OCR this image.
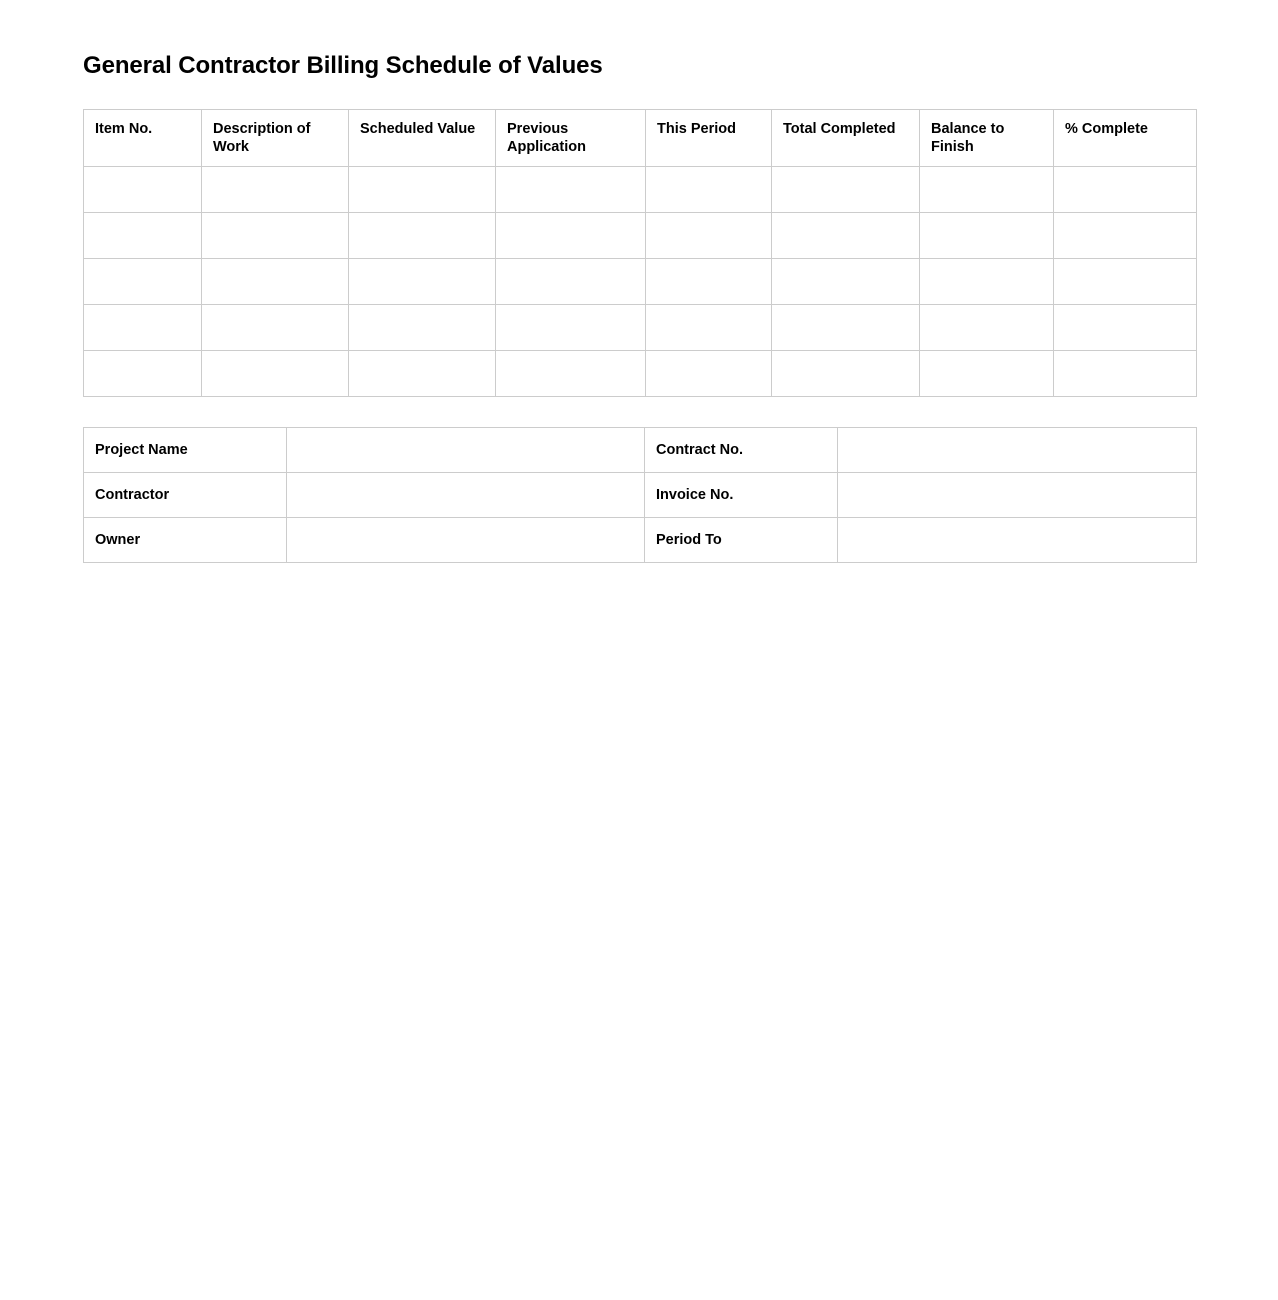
General Contractor Billing Schedule of Values
Item No.	Description of Work	Scheduled Value	Previous Application	This Period	Total Completed	Balance to Finish	% Complete

Project Name		Contract No.	
Contractor		Invoice No.	
Owner		Period To	
